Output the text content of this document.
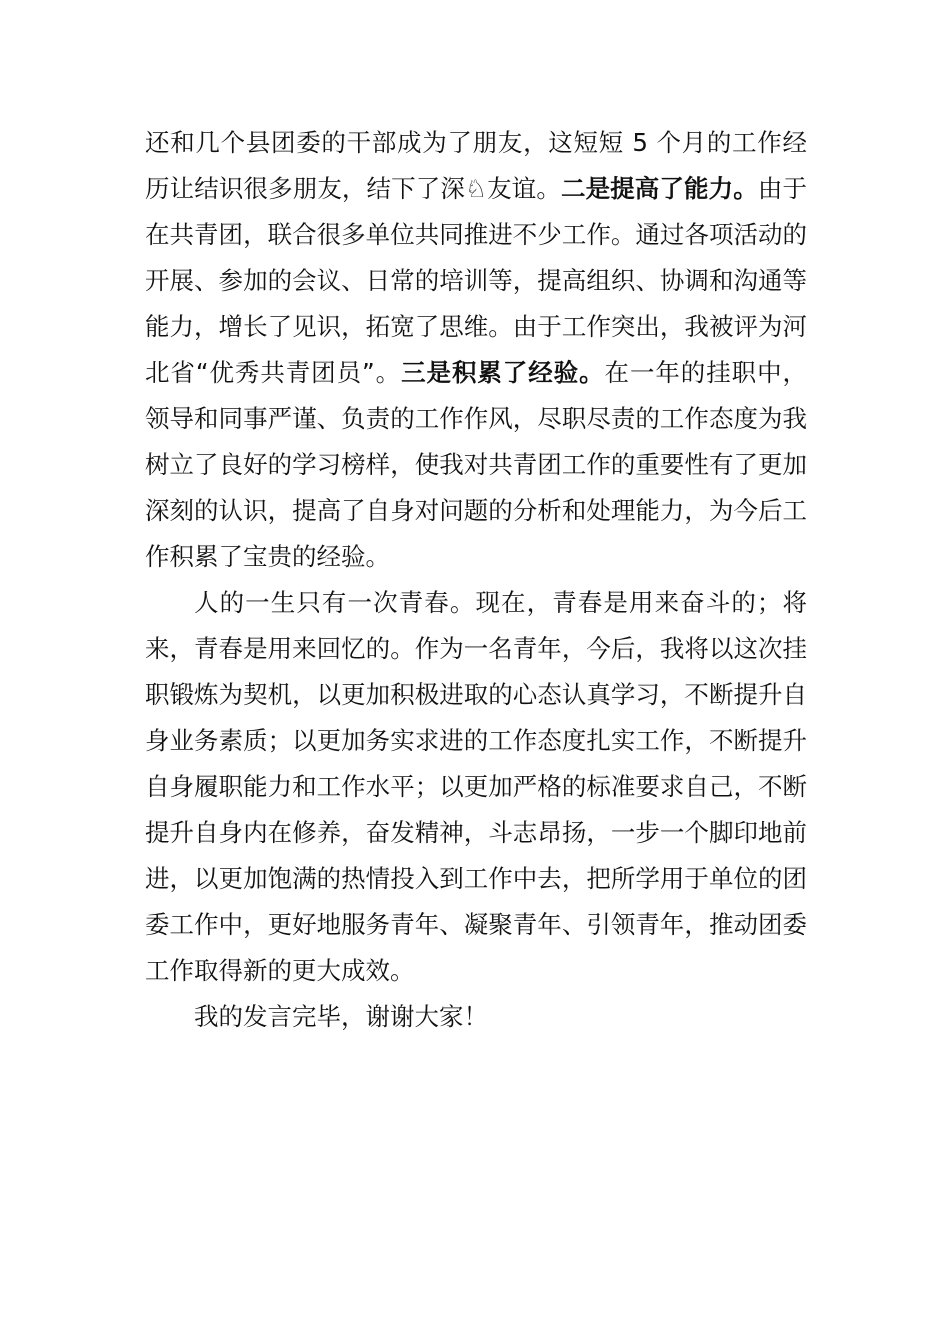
还和几个县团委的干部成为了朋友，这短短 5 个月的工作经历让结识很多朋友，结下了深♘友谊。二是提高了能力。由于在共青团，联合很多单位共同推进不少工作。通过各项活动的开展、参加的会议、日常的培训等，提高组织、协调和沟通等能力，增长了见识，拓宽了思维。由于工作突出，我被评为河北省“优秀共青团员”。三是积累了经验。在一年的挂职中，领导和同事严谨、负责的工作作风，尽职尽责的工作态度为我树立了良好的学习榜样，使我对共青团工作的重要性有了更加深刻的认识，提高了自身对问题的分析和处理能力，为今后工作积累了宝贵的经验。

人的一生只有一次青春。现在，青春是用来奋斗的；将来，青春是用来回忆的。作为一名青年，今后，我将以这次挂职锻炼为契机，以更加积极进取的心态认真学习，不断提升自身业务素质；以更加务实求进的工作态度扎实工作，不断提升自身履职能力和工作水平；以更加严格的标准要求自己，不断提升自身内在修养，奋发精神，斗志昂扬，一步一个脚印地前进，以更加饱满的热情投入到工作中去，把所学用于单位的团委工作中，更好地服务青年、凝聚青年、引领青年，推动团委工作取得新的更大成效。

我的发言完毕，谢谢大家！
